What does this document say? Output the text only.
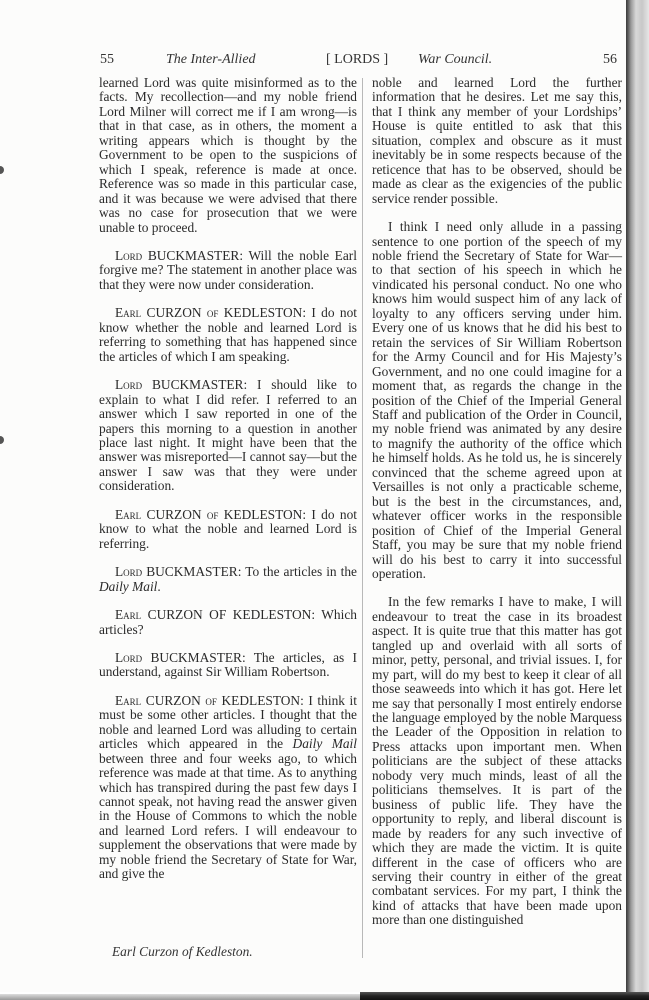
55	The Inter-Allied	[ LORDS ] War Council.	56

learned Lord was quite misinformed as to the facts. My recollection—and my noble friend Lord Milner will correct me if I am wrong—is that in that case, as in others, the moment a writing appears which is thought by the Government to be open to the suspicions of which I speak, reference is made at once. Reference was so made in this particular case, and it was because we were advised that there was no case for prosecution that we were unable to proceed.

Lord BUCKMASTER: Will the noble Earl forgive me? The statement in another place was that they were now under consideration.

Earl CURZON of KEDLESTON: I do not know whether the noble and learned Lord is referring to something that has happened since the articles of which I am speaking.

Lord BUCKMASTER: I should like to explain to what I did refer. I referred to an answer which I saw reported in one of the papers this morning to a question in another place last night. It might have been that the answer was misreported—I cannot say—but the answer I saw was that they were under consideration.

Earl CURZON of KEDLESTON: I do not know to what the noble and learned Lord is referring.

Lord BUCKMASTER: To the articles in the Daily Mail.

Earl CURZON OF KEDLESTON: Which articles?

Lord BUCKMASTER: The articles, as I understand, against Sir William Robertson.

Earl CURZON of KEDLESTON: I think it must be some other articles. I thought that the noble and learned Lord was alluding to certain articles which appeared in the Daily Mail between three and four weeks ago, to which reference was made at that time. As to anything which has transpired during the past few days I cannot speak, not having read the answer given in the House of Commons to which the noble and learned Lord refers. I will endeavour to supplement the observations that were made by my noble friend the Secretary of State for War, and give the

noble and learned Lord the further information that he desires. Let me say this, that I think any member of your Lordships’ House is quite entitled to ask that this situation, complex and obscure as it must inevitably be in some respects because of the reticence that has to be observed, should be made as clear as the exigencies of the public service render possible.

I think I need only allude in a passing sentence to one portion of the speech of my noble friend the Secretary of State for War—to that section of his speech in which he vindicated his personal conduct. No one who knows him would suspect him of any lack of loyalty to any officers serving under him. Every one of us knows that he did his best to retain the services of Sir William Robertson for the Army Council and for His Majesty’s Government, and no one could imagine for a moment that, as regards the change in the position of the Chief of the Imperial General Staff and publication of the Order in Council, my noble friend was animated by any desire to magnify the authority of the office which he himself holds. As he told us, he is sincerely convinced that the scheme agreed upon at Versailles is not only a practicable scheme, but is the best in the circumstances, and, whatever officer works in the responsible position of Chief of the Imperial General Staff, you may be sure that my noble friend will do his best to carry it into successful operation.

In the few remarks I have to make, I will endeavour to treat the case in its broadest aspect. It is quite true that this matter has got tangled up and overlaid with all sorts of minor, petty, personal, and trivial issues. I, for my part, will do my best to keep it clear of all those seaweeds into which it has got. Here let me say that personally I most entirely endorse the language employed by the noble Marquess the Leader of the Opposition in relation to Press attacks upon important men. When politicians are the subject of these attacks nobody very much minds, least of all the politicians themselves. It is part of the business of public life. They have the opportunity to reply, and liberal discount is made by readers for any such invective of which they are made the victim. It is quite different in the case of officers who are serving their country in either of the great combatant services. For my part, I think the kind of attacks that have been made upon more than one distinguished

Earl Curzon of Kedleston.
